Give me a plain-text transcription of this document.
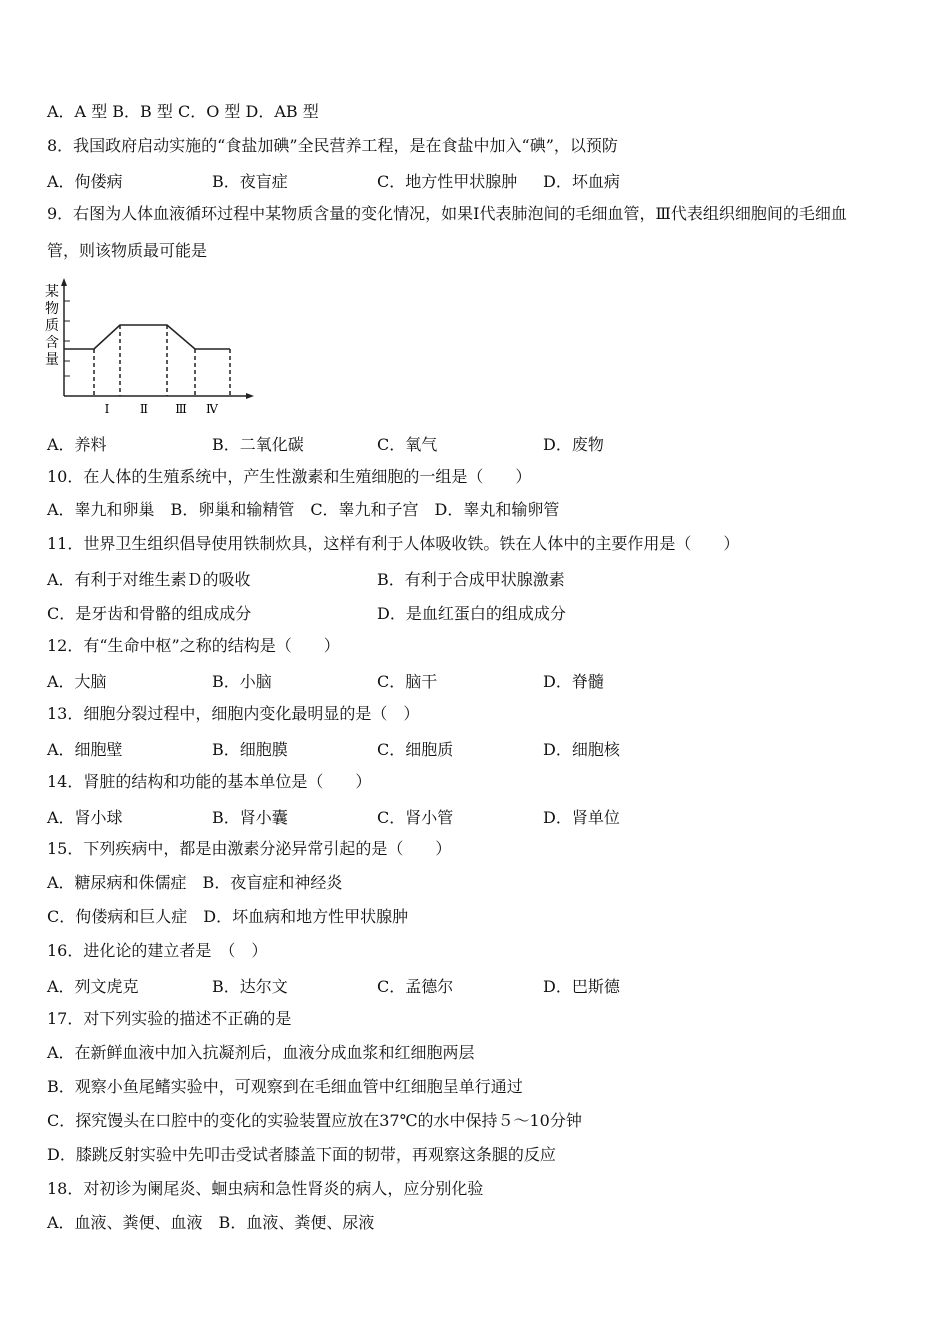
A．A 型 B．B 型 C．O 型 D．AB 型
8．我国政府启动实施的“食盐加碘”全民营养工程，是在食盐中加入“碘”，以预防
A．佝偻病	B．夜盲症	C．地方性甲状腺肿 D．坏血病
9．右图为人体血液循环过程中某物质含量的变化情况，如果Ⅰ代表肺泡间的毛细血管，Ⅲ代表组织细胞间的毛细血
管，则该物质最可能是
某
物
质
含
量
Ⅰ	Ⅱ Ⅲ Ⅳ
A．养料	B．二氧化碳	C．氧气	D．废物
10．在人体的生殖系统中，产生性激素和生殖细胞的一组是（　　）
A．睾九和卵巢　B．卵巢和输精管　C．睾九和子宫　D．睾丸和输卵管
11．世界卫生组织倡导使用铁制炊具，这样有利于人体吸收铁。铁在人体中的主要作用是（　　）
A．有利于对维生素Ｄ的吸收	B．有利于合成甲状腺激素
C．是牙齿和骨骼的组成成分	D．是血红蛋白的组成成分
12．有“生命中枢”之称的结构是（　　）
A．大脑	B．小脑	C．脑干	D．脊髓
13．细胞分裂过程中，细胞内变化最明显的是（　）
A．细胞壁	B．细胞膜	C．细胞质	D．细胞核
14．肾脏的结构和功能的基本单位是（　　）
A．肾小球	B．肾小囊	C．肾小管	D．肾单位
15．下列疾病中，都是由激素分泌异常引起的是（　　）
A．糖尿病和侏儒症　B．夜盲症和神经炎
C．佝偻病和巨人症　D．坏血病和地方性甲状腺肿
16．进化论的建立者是　（　）
A．列文虎克	B．达尔文	C．孟德尔	D．巴斯德
17．对下列实验的描述不正确的是
A．在新鲜血液中加入抗凝剂后，血液分成血浆和红细胞两层
B．观察小鱼尾鳍实验中，可观察到在毛细血管中红细胞呈单行通过
C．探究馒头在口腔中的变化的实验装置应放在37℃的水中保持５～10分钟
D．膝跳反射实验中先叩击受试者膝盖下面的韧带，再观察这条腿的反应
18．对初诊为阑尾炎、蛔虫病和急性肾炎的病人，应分别化验
A．血液、粪便、血液　B．血液、粪便、尿液
